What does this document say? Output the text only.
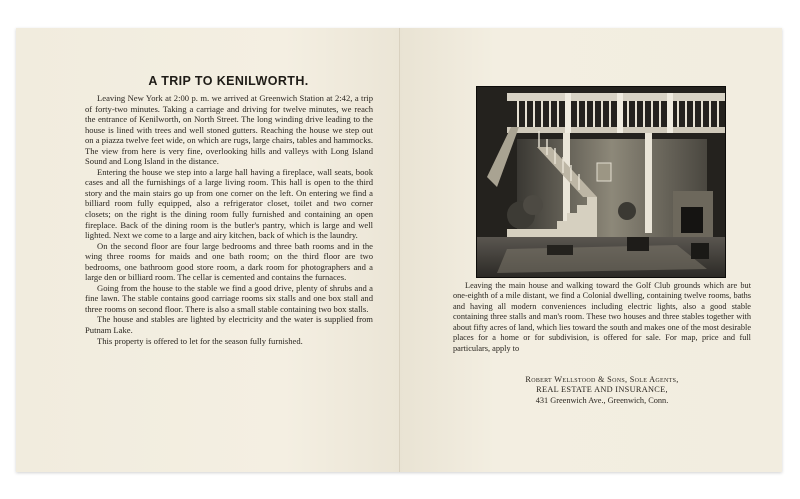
A TRIP TO KENILWORTH.

Leaving New York at 2:00 p. m. we arrived at Greenwich Station at 2:42, a trip of forty-two minutes. Taking a carriage and driving for twelve minutes, we reach the entrance of Kenilworth, on North Street. The long winding drive leading to the house is lined with trees and well stoned gutters. Reaching the house we step out on a piazza twelve feet wide, on which are rugs, large chairs, tables and hammocks. The view from here is very fine, overlooking hills and valleys with Long Island Sound and Long Island in the distance.

Entering the house we step into a large hall having a fireplace, wall seats, book cases and all the furnishings of a large living room. This hall is open to the third story and the main stairs go up from one corner on the left. On entering we find a billiard room fully equipped, also a refrigerator closet, toilet and two corner closets; on the right is the dining room fully furnished and containing an open fireplace. Back of the dining room is the butler's pantry, which is large and well lighted. Next we come to a large and airy kitchen, back of which is the laundry.

On the second floor are four large bedrooms and three bath rooms and in the wing three rooms for maids and one bath room; on the third floor are two bedrooms, one bathroom good store room, a dark room for photographers and a large den or billiard room. The cellar is cemented and contains the furnaces.

Going from the house to the stable we find a good drive, plenty of shrubs and a fine lawn. The stable contains good carriage rooms six stalls and one box stall and three rooms on second floor. There is also a small stable containing two box stalls.

The house and stables are lighted by electricity and the water is supplied from Putnam Lake.

This property is offered to let for the season fully furnished.

Leaving the main house and walking toward the Golf Club grounds which are but one-eighth of a mile distant, we find a Colonial dwelling, containing twelve rooms, baths and having all modern conveniences including electric lights, also a good stable containing three stalls and man's room. These two houses and three stables together with about fifty acres of land, which lies toward the south and makes one of the most desirable places for a home or for subdivision, is offered for sale. For map, price and full particulars, apply to

Robert Wellstood & Sons, Sole Agents,
REAL ESTATE AND INSURANCE,
431 Greenwich Ave., Greenwich, Conn.
